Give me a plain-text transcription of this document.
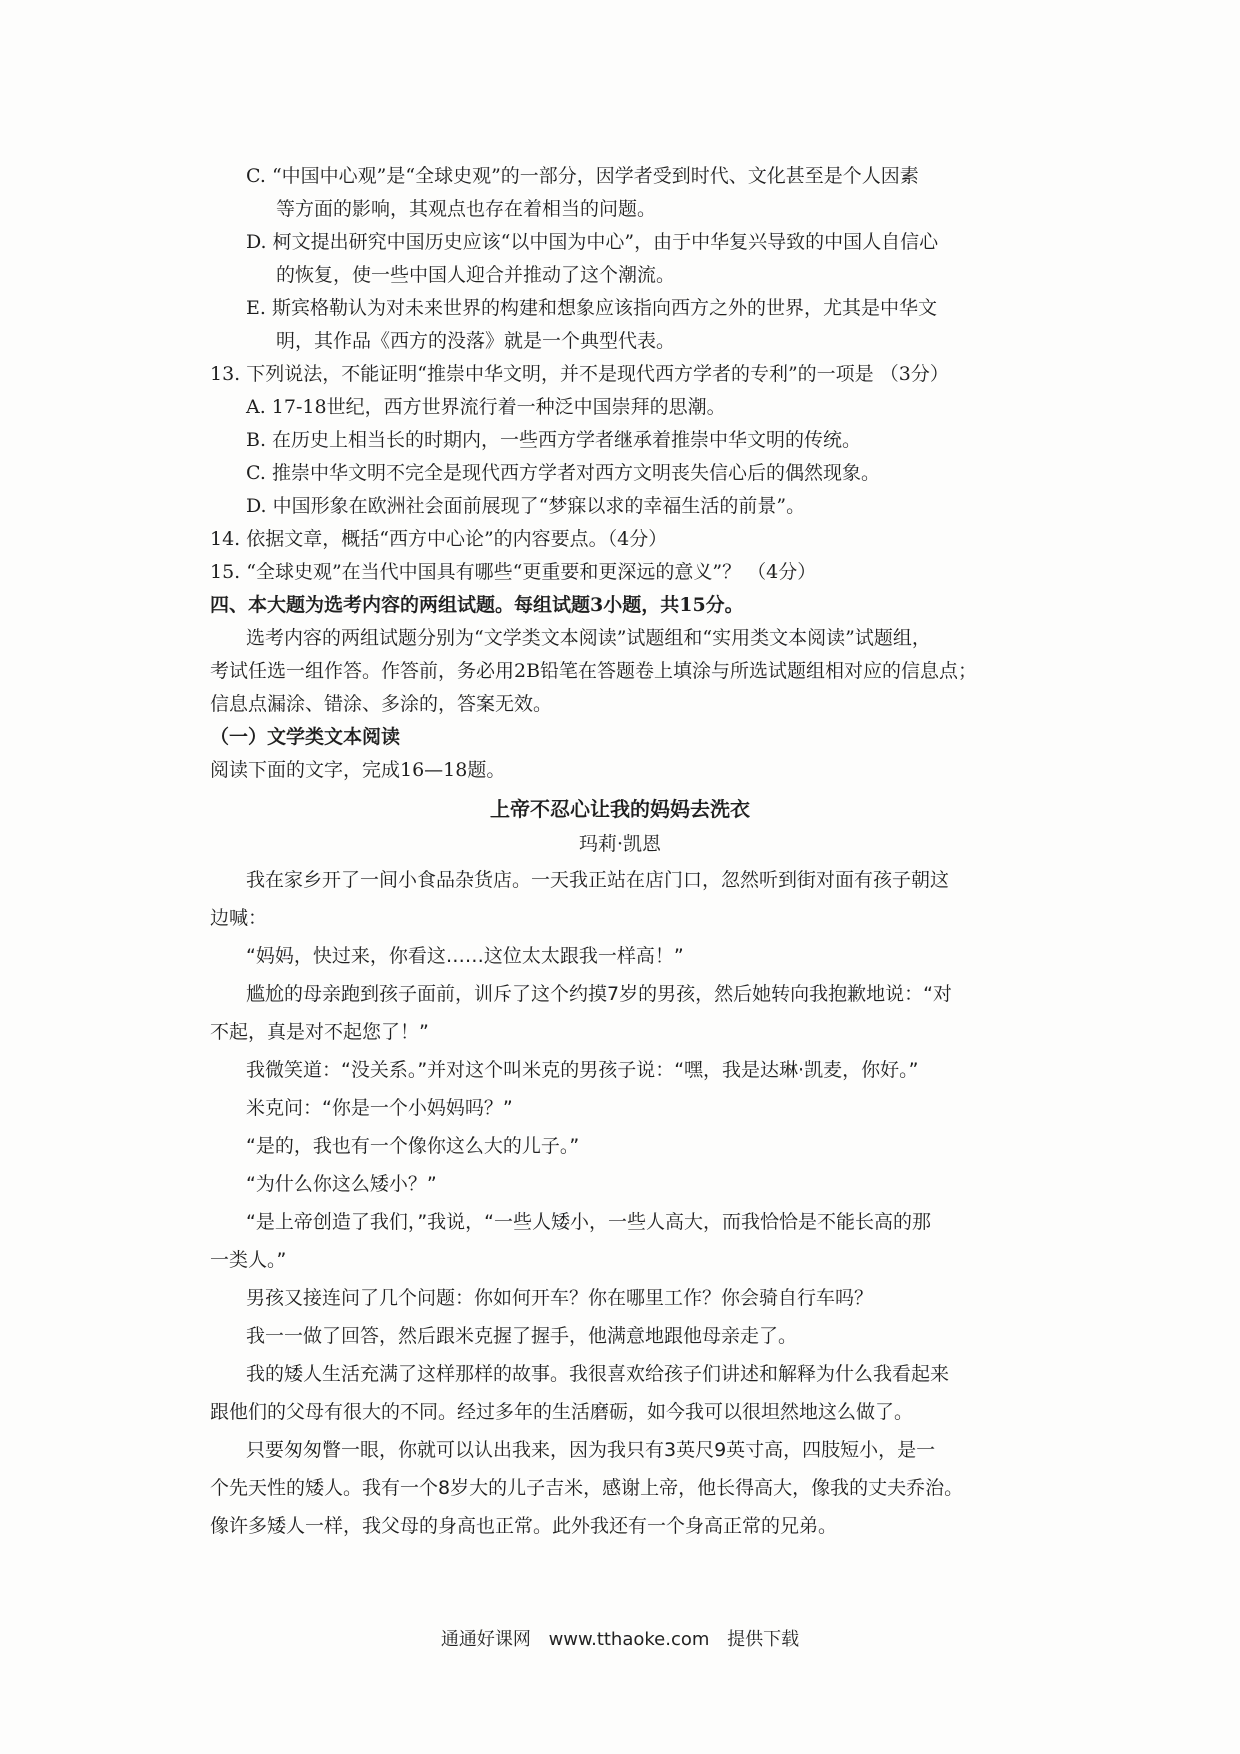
C. “中国中心观”是“全球史观”的一部分，因学者受到时代、文化甚至是个人因素
等方面的影响，其观点也存在着相当的问题。
D. 柯文提出研究中国历史应该“以中国为中心”，由于中华复兴导致的中国人自信心
的恢复，使一些中国人迎合并推动了这个潮流。
E. 斯宾格勒认为对未来世界的构建和想象应该指向西方之外的世界，尤其是中华文
明，其作品《西方的没落》就是一个典型代表。
13. 下列说法，不能证明“推崇中华文明，并不是现代西方学者的专利”的一项是 （3分）
A. 17-18世纪，西方世界流行着一种泛中国崇拜的思潮。
B. 在历史上相当长的时期内，一些西方学者继承着推崇中华文明的传统。
C. 推崇中华文明不完全是现代西方学者对西方文明丧失信心后的偶然现象。
D. 中国形象在欧洲社会面前展现了“梦寐以求的幸福生活的前景”。
14. 依据文章，概括“西方中心论”的内容要点。（4分）
15. “全球史观”在当代中国具有哪些“更重要和更深远的意义”？ （4分）
四、本大题为选考内容的两组试题。每组试题3小题，共15分。
选考内容的两组试题分别为“文学类文本阅读”试题组和“实用类文本阅读”试题组，
考试任选一组作答。作答前，务必用2B铅笔在答题卷上填涂与所选试题组相对应的信息点；
信息点漏涂、错涂、多涂的，答案无效。
（一）文学类文本阅读
阅读下面的文字，完成16—18题。
上帝不忍心让我的妈妈去洗衣
玛莉·凯恩
我在家乡开了一间小食品杂货店。一天我正站在店门口，忽然听到街对面有孩子朝这
边喊：
“妈妈，快过来，你看这……这位太太跟我一样高！”
尴尬的母亲跑到孩子面前，训斥了这个约摸7岁的男孩，然后她转向我抱歉地说：“对
不起，真是对不起您了！”
我微笑道：“没关系。”并对这个叫米克的男孩子说：“嘿，我是达琳·凯麦，你好。”
米克问：“你是一个小妈妈吗？”
“是的，我也有一个像你这么大的儿子。”
“为什么你这么矮小？”
“是上帝创造了我们，”我说，“一些人矮小，一些人高大，而我恰恰是不能长高的那
一类人。”
男孩又接连问了几个问题：你如何开车？你在哪里工作？你会骑自行车吗？
我一一做了回答，然后跟米克握了握手，他满意地跟他母亲走了。
我的矮人生活充满了这样那样的故事。我很喜欢给孩子们讲述和解释为什么我看起来
跟他们的父母有很大的不同。经过多年的生活磨砺，如今我可以很坦然地这么做了。
只要匆匆瞥一眼，你就可以认出我来，因为我只有3英尺9英寸高，四肢短小，是一
个先天性的矮人。我有一个8岁大的儿子吉米，感谢上帝，他长得高大，像我的丈夫乔治。
像许多矮人一样，我父母的身高也正常。此外我还有一个身高正常的兄弟。
通通好课网 www.tthaoke.com 提供下载
